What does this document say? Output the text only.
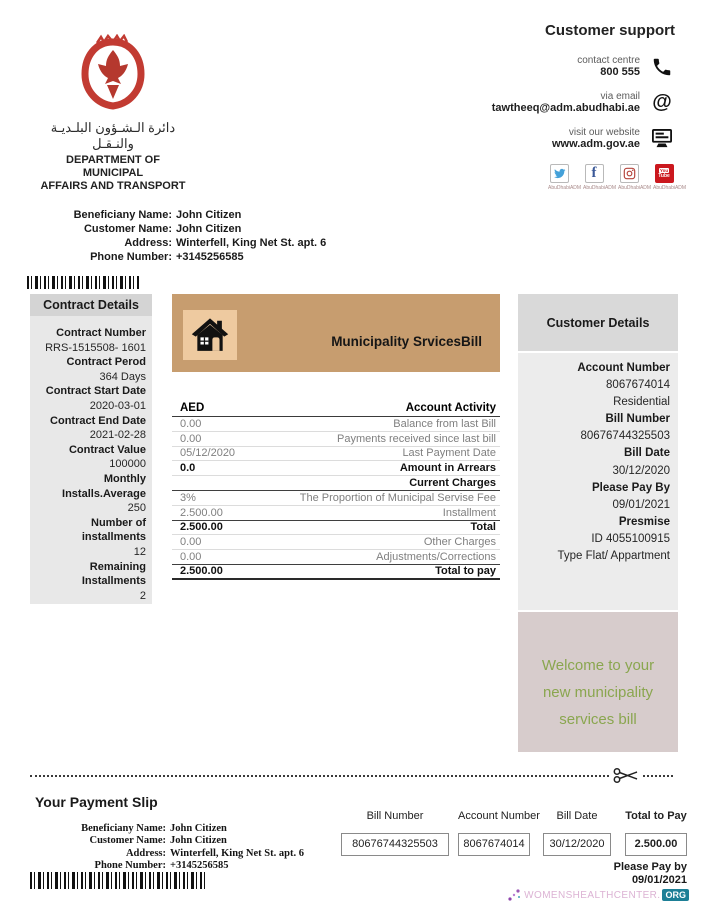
دائرة الـشـؤون البلـديـة والنـقـل
DEPARTMENT OF MUNICIPAL
AFFAIRS AND TRANSPORT
Customer support
contact centre
800 555
via email
tawtheeq@adm.abudhabi.ae @
visit our website
www.adm.gov.ae
AbuDhabiADM
f
AbuDhabiADM AbuDhabiADM
You
Tube
AbuDhabiADM
Beneficiany Name: John Citizen
Customer Name: John Citizen
Address: Winterfell, King Net St. apt. 6
Phone Number: +3145256585
Contract Details
Contract Number
RRS-1515508- 1601
Contract Perod
364 Days
Contract Start Date
2020-03-01
Contract End Date
2021-02-28
Contract Value
100000
Monthly
Installs.Average
250
Number of installments
12
Remaining Installments
2
Municipality SrvicesBill
AED	Account Activity
0.00	Balance from last Bill
0.00	Payments received since last bill
05/12/2020	Last Payment Date
0.0	Amount in Arrears
Current Charges
3%	The Proportion of Municipal Servise Fee
2.500.00	Installment
2.500.00	Total
0.00	Other Charges
0.00	Adjustments/Corrections
2.500.00	Total to pay
Customer Details
Account Number
8067674014
Residential
Bill Number
80676744325503
Bill Date
30/12/2020
Please Pay By
09/01/2021
Presmise
ID 4055100915
Type Flat/ Appartment
Welcome to your
new municipality
services bill
Your Payment Slip
Beneficiany Name: John Citizen
Customer Name: John Citizen
Address: Winterfell, King Net St. apt. 6
Phone Number: +3145256585
Bill Number
80676744325503
Account Number
8067674014
Bill Date
30/12/2020
Total to Pay
2.500.00
Please Pay by
09/01/2021
WOMENSHEALTHCENTER. ORG
